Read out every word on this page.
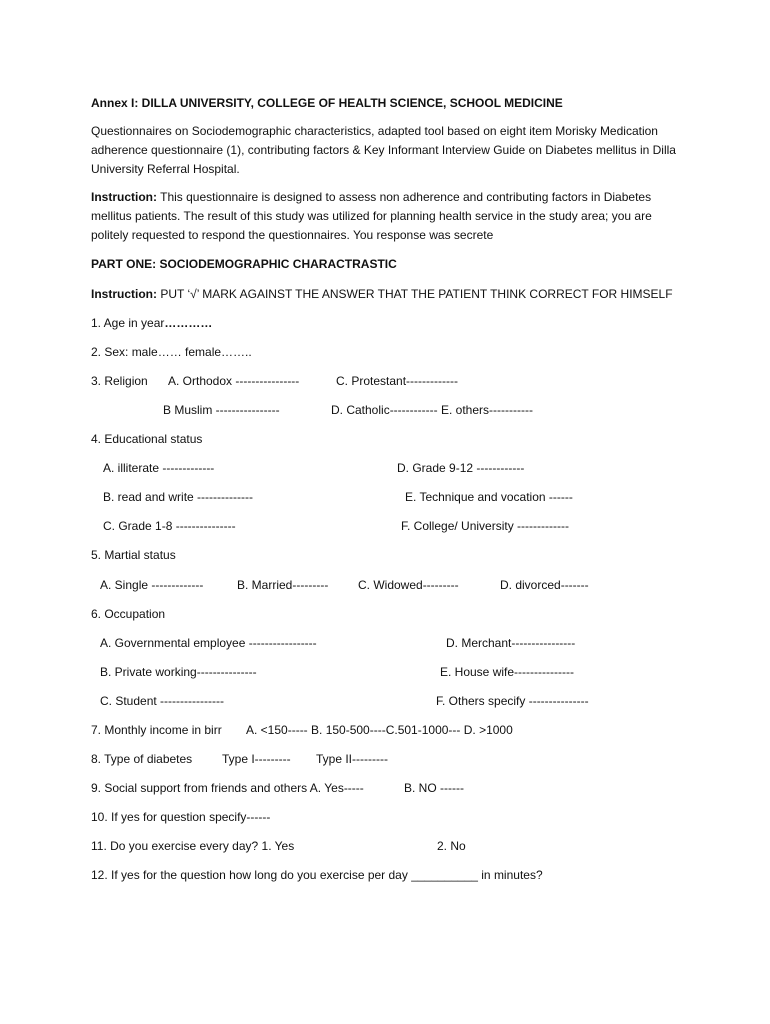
Annex I: DILLA UNIVERSITY, COLLEGE OF HEALTH SCIENCE, SCHOOL MEDICINE
Questionnaires on Sociodemographic characteristics, adapted tool based on eight item Morisky Medication adherence questionnaire (1), contributing factors & Key Informant Interview Guide on Diabetes mellitus in Dilla University Referral Hospital.
Instruction: This questionnaire is designed to assess non adherence and contributing factors in Diabetes mellitus patients. The result of this study was utilized for planning health service in the study area; you are politely requested to respond the questionnaires. You response was secrete
PART ONE: SOCIODEMOGRAPHIC CHARACTRASTIC
Instruction: PUT ‘√’ MARK AGAINST THE ANSWER THAT THE PATIENT THINK CORRECT FOR HIMSELF
1. Age in year…………
2. Sex: male…… female……..
3. Religion A. Orthodox ----------------	C. Protestant-------------
B Muslim ----------------	D. Catholic------------ E. others-----------
4. Educational status
A. illiterate -------------	D. Grade 9-12 ------------
B. read and write --------------	E. Technique and vocation ------
C. Grade 1-8 ---------------	F. College/ University -------------
5. Martial status
A. Single -------------	B. Married--------- C. Widowed---------	D. divorced-------
6. Occupation
A. Governmental employee -----------------	D. Merchant----------------
B. Private working---------------	E. House wife---------------
C. Student ----------------	F. Others specify ---------------
7. Monthly income in birr A. <150----- B. 150-500----C.501-1000--- D. >1000
8. Type of diabetes Type I--------- Type II---------
9. Social support from friends and others A. Yes-----	B. NO ------
10. If yes for question specify------
11. Do you exercise every day? 1. Yes	2. No
12. If yes for the question how long do you exercise per day __________ in minutes?
